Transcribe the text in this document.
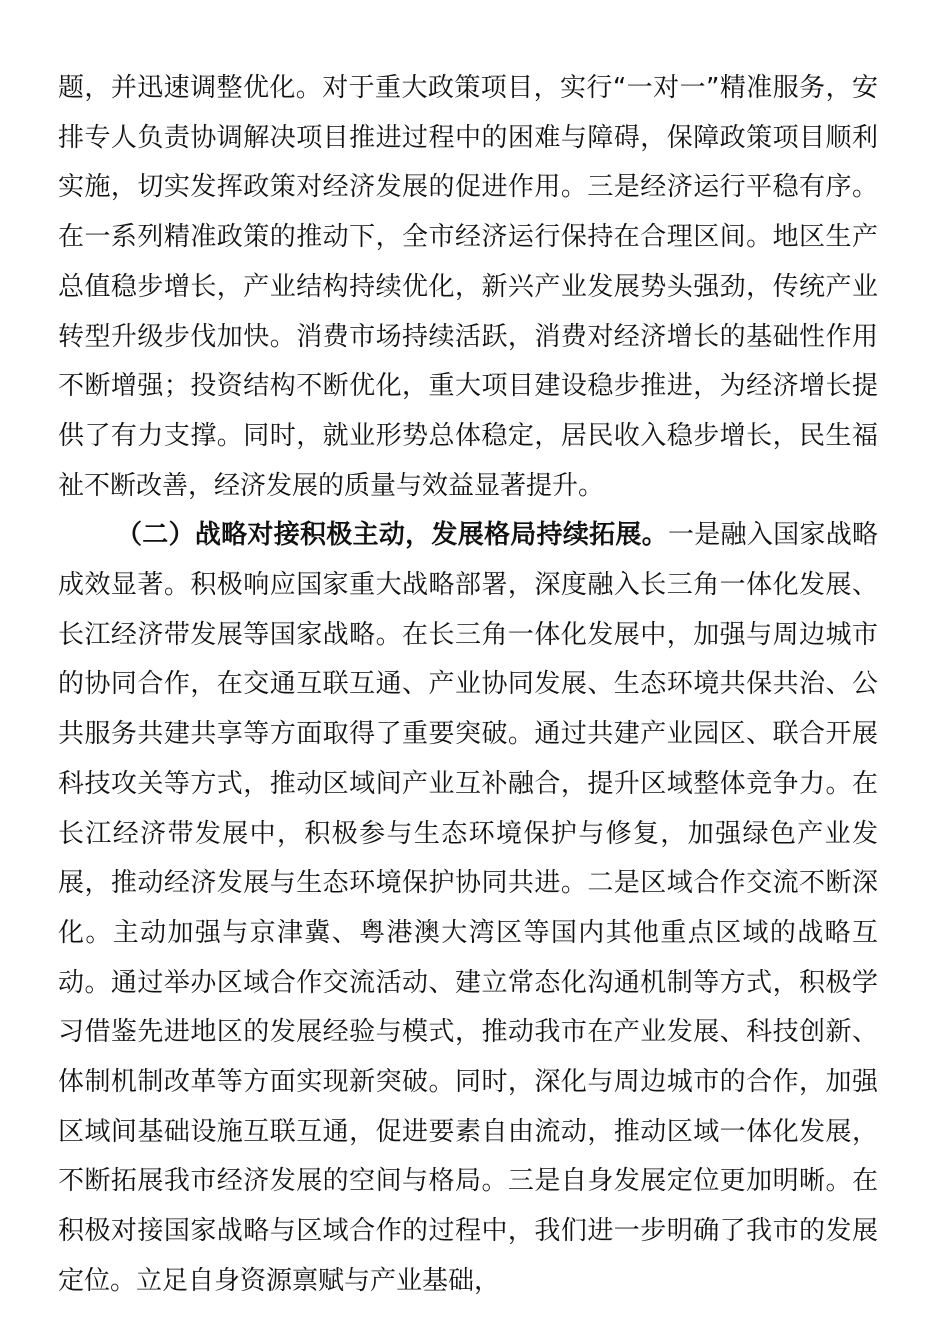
题，并迅速调整优化。对于重大政策项目，实行“一对一”精准服务，安排专人负责协调解决项目推进过程中的困难与障碍，保障政策项目顺利实施，切实发挥政策对经济发展的促进作用。三是经济运行平稳有序。在一系列精准政策的推动下，全市经济运行保持在合理区间。地区生产总值稳步增长，产业结构持续优化，新兴产业发展势头强劲，传统产业转型升级步伐加快。消费市场持续活跃，消费对经济增长的基础性作用不断增强；投资结构不断优化，重大项目建设稳步推进，为经济增长提供了有力支撑。同时，就业形势总体稳定，居民收入稳步增长，民生福祉不断改善，经济发展的质量与效益显著提升。

（二）战略对接积极主动，发展格局持续拓展。一是融入国家战略成效显著。积极响应国家重大战略部署，深度融入长三角一体化发展、长江经济带发展等国家战略。在长三角一体化发展中，加强与周边城市的协同合作，在交通互联互通、产业协同发展、生态环境共保共治、公共服务共建共享等方面取得了重要突破。通过共建产业园区、联合开展科技攻关等方式，推动区域间产业互补融合，提升区域整体竞争力。在长江经济带发展中，积极参与生态环境保护与修复，加强绿色产业发展，推动经济发展与生态环境保护协同共进。二是区域合作交流不断深化。主动加强与京津冀、粤港澳大湾区等国内其他重点区域的战略互动。通过举办区域合作交流活动、建立常态化沟通机制等方式，积极学习借鉴先进地区的发展经验与模式，推动我市在产业发展、科技创新、体制机制改革等方面实现新突破。同时，深化与周边城市的合作，加强区域间基础设施互联互通，促进要素自由流动，推动区域一体化发展，不断拓展我市经济发展的空间与格局。三是自身发展定位更加明晰。在积极对接国家战略与区域合作的过程中，我们进一步明确了我市的发展定位。立足自身资源禀赋与产业基础，
